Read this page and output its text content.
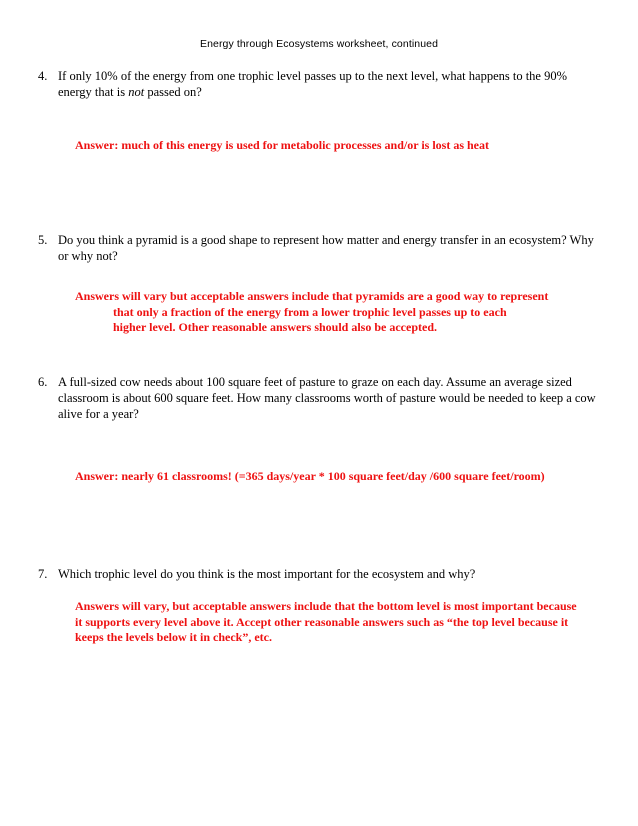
Energy through Ecosystems worksheet, continued
4. If only 10% of the energy from one trophic level passes up to the next level, what happens to the 90% energy that is not passed on?
Answer: much of this energy is used for metabolic processes and/or is lost as heat
5. Do you think a pyramid is a good shape to represent how matter and energy transfer in an ecosystem? Why or why not?
Answers will vary but acceptable answers include that pyramids are a good way to represent
that only a fraction of the energy from a lower trophic level passes up to each
higher level. Other reasonable answers should also be accepted.
6. A full-sized cow needs about 100 square feet of pasture to graze on each day. Assume an average sized classroom is about 600 square feet. How many classrooms worth of pasture would be needed to keep a cow alive for a year?
Answer: nearly 61 classrooms! (=365 days/year * 100 square feet/day /600 square feet/room)
7. Which trophic level do you think is the most important for the ecosystem and why?
Answers will vary, but acceptable answers include that the bottom level is most important because
it supports every level above it. Accept other reasonable answers such as “the top level because it
keeps the levels below it in check”, etc.
